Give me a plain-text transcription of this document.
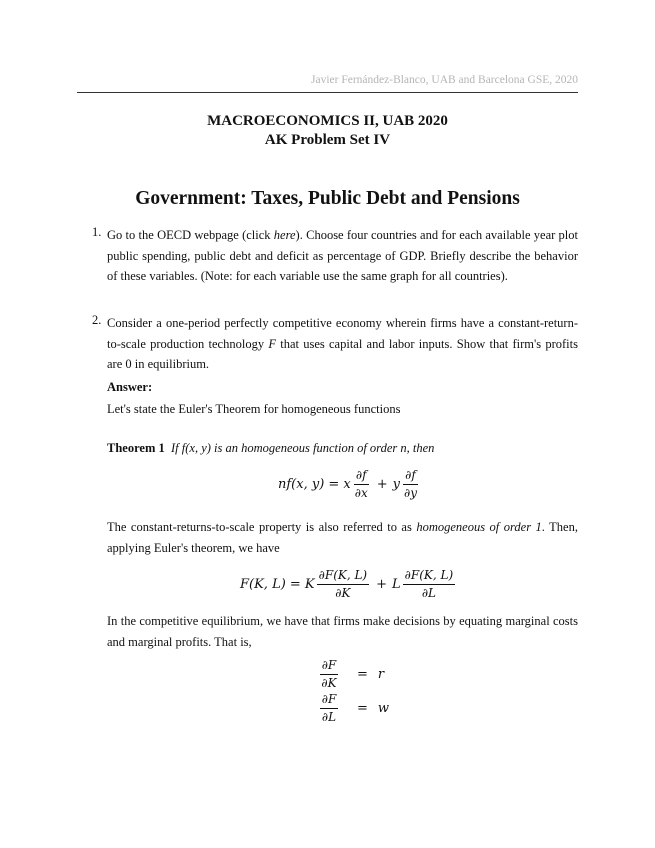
Javier Fernández-Blanco, UAB and Barcelona GSE, 2020
MACROECONOMICS II, UAB 2020
AK Problem Set IV
Government: Taxes, Public Debt and Pensions
1. Go to the OECD webpage (click here). Choose four countries and for each available year plot public spending, public debt and deficit as percentage of GDP. Briefly describe the behavior of these variables. (Note: for each variable use the same graph for all countries).
2. Consider a one-period perfectly competitive economy wherein firms have a constant-return-to-scale production technology F that uses capital and labor inputs. Show that firm's profits are 0 in equilibrium.
Answer:
Let's state the Euler's Theorem for homogeneous functions
Theorem 1 If f(x, y) is an homogeneous function of order n, then
nf(x, y) = x $\frac{\partial f}{\partial x} + y \frac{\partial f}{\partial y}$
The constant-returns-to-scale property is also referred to as homogeneous of order 1. Then, applying Euler's theorem, we have
F(K, L) = K $\frac{\partial F(K, L)}{\partial K} + L \frac{\partial F(K, L)}{\partial L}$
In the competitive equilibrium, we have that firms make decisions by equating marginal costs and marginal profits. That is,
$\frac{\partial F}{\partial K} = r$
$\frac{\partial F}{\partial L} = w$
